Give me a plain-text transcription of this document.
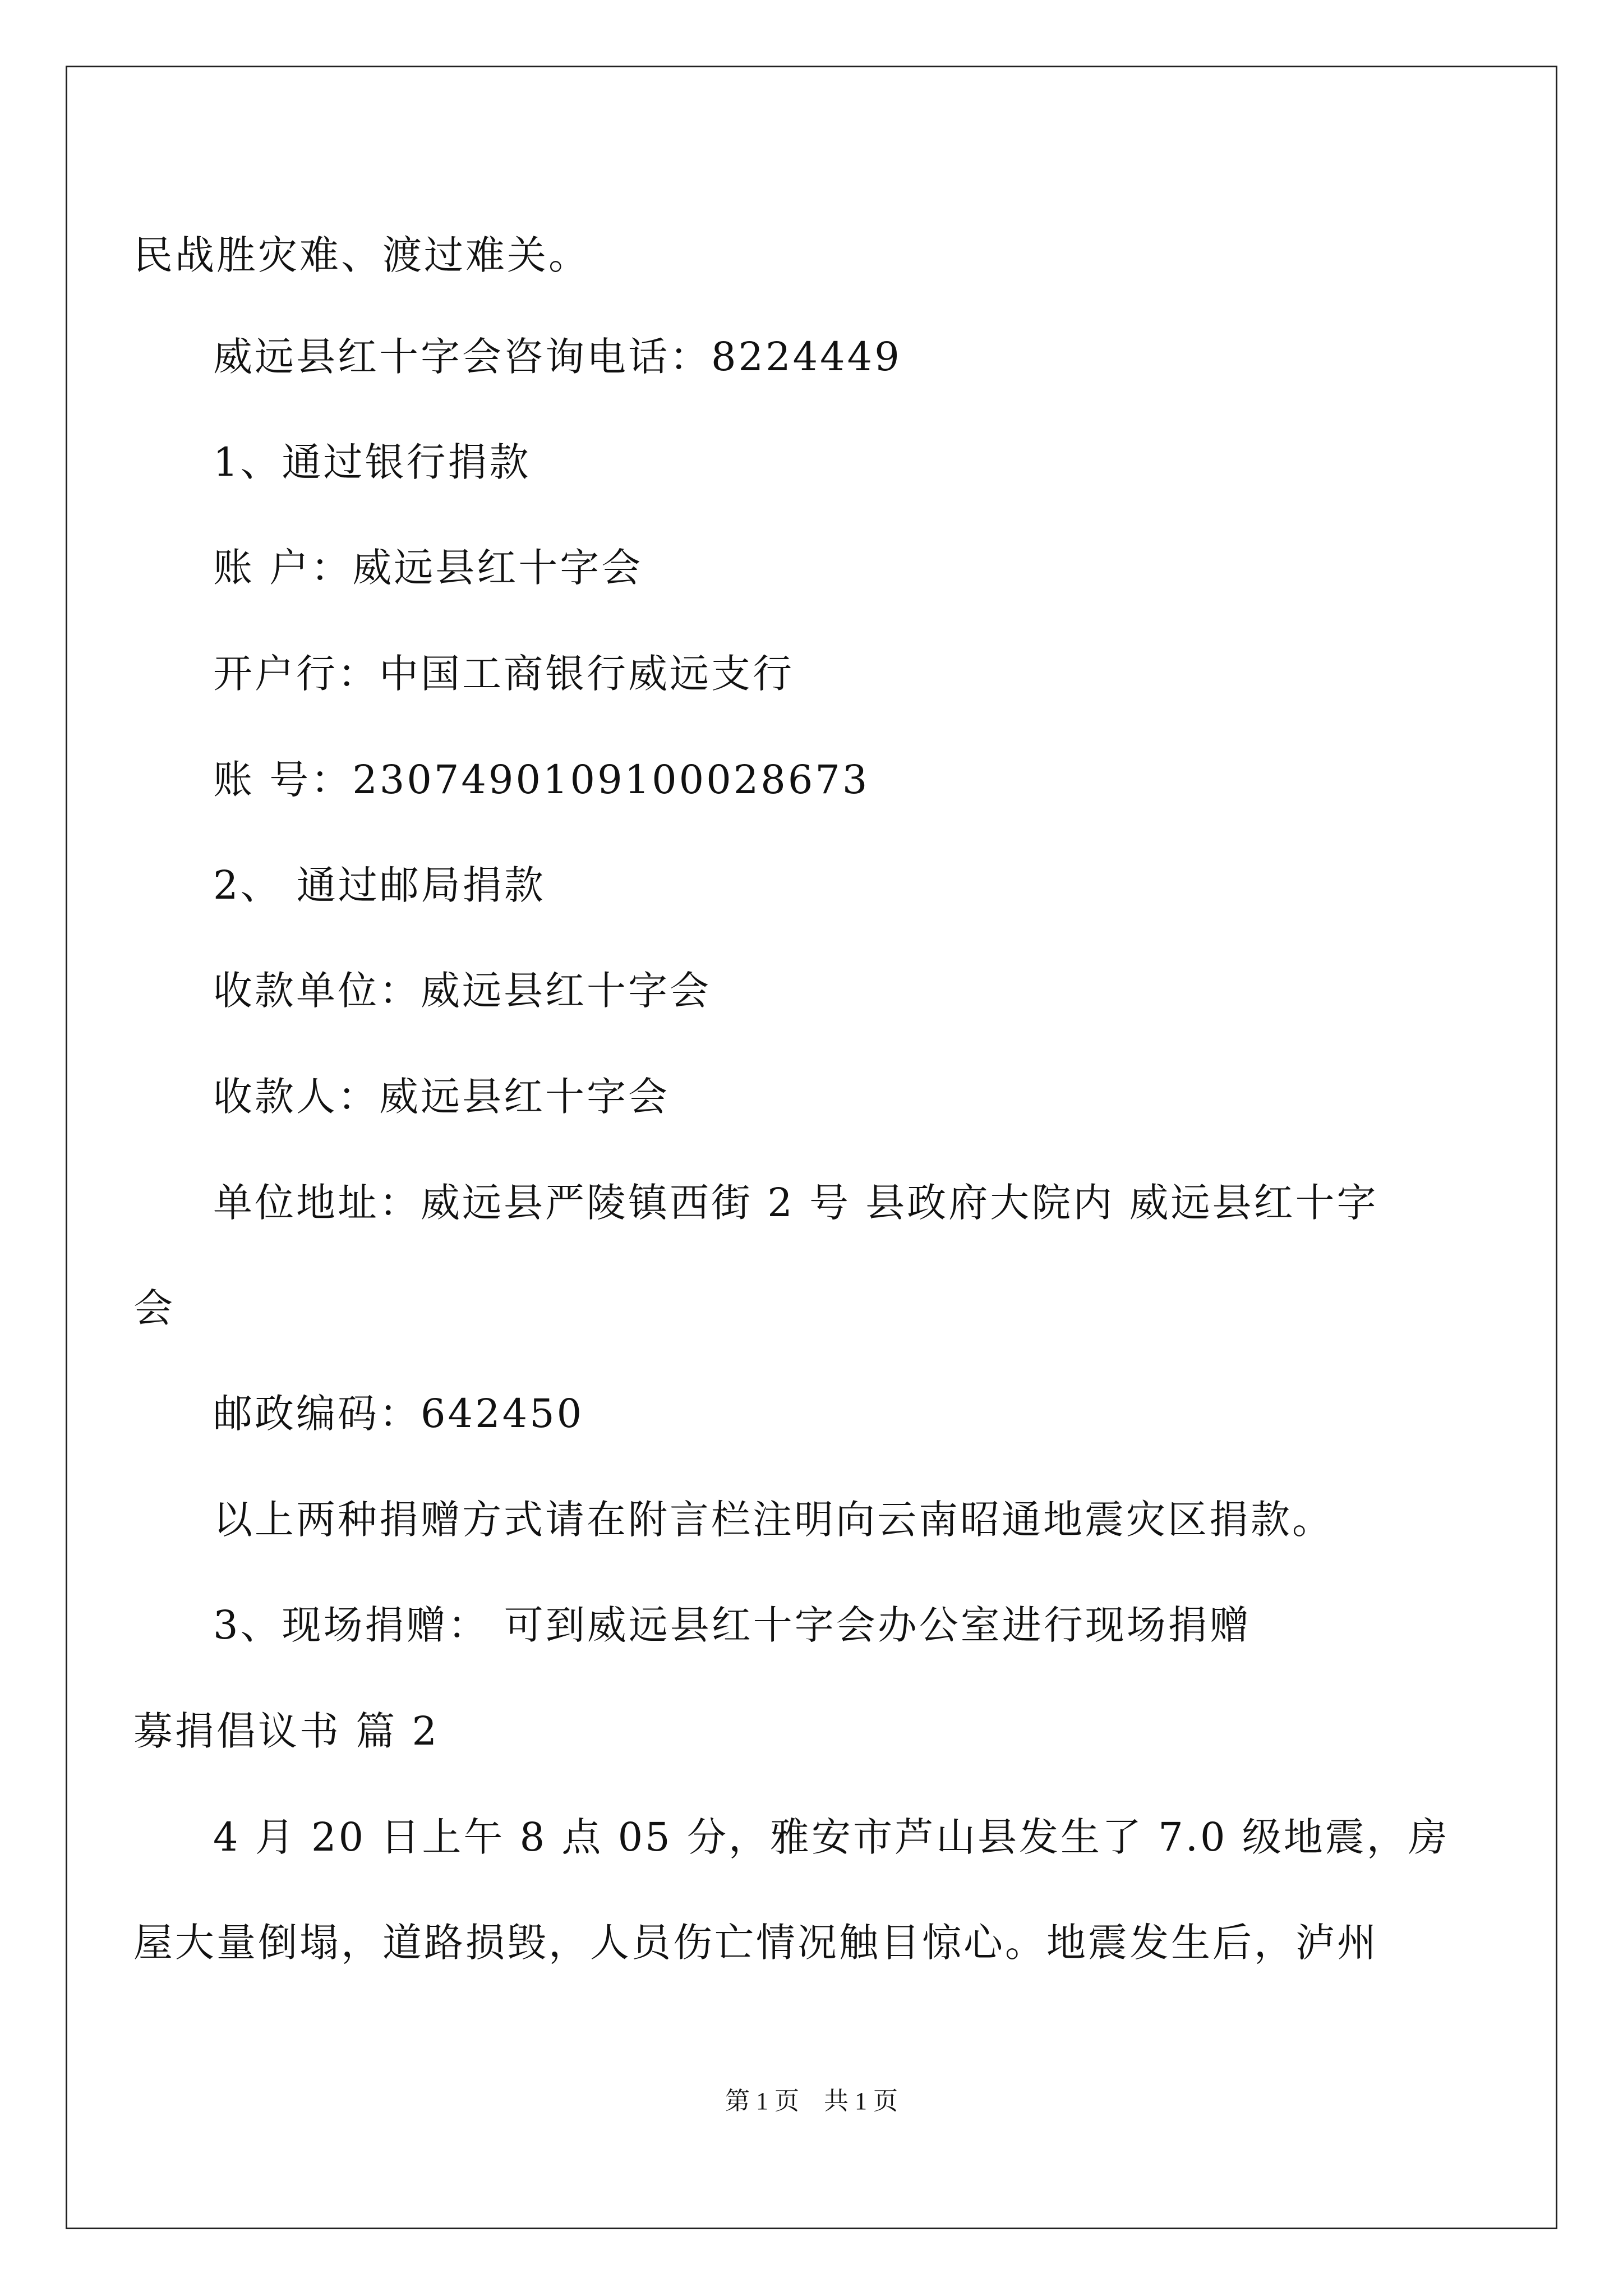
民战胜灾难、渡过难关。
威远县红十字会咨询电话：8224449
1、通过银行捐款
账 户：威远县红十字会
开户行：中国工商银行威远支行
账 号：2307490109100028673
2、 通过邮局捐款
收款单位：威远县红十字会
收款人：威远县红十字会
单位地址：威远县严陵镇西街 2 号 县政府大院内 威远县红十字
会
邮政编码：642450
以上两种捐赠方式请在附言栏注明向云南昭通地震灾区捐款。
3、现场捐赠： 可到威远县红十字会办公室进行现场捐赠
募捐倡议书 篇 2
4 月 20 日上午 8 点 05 分，雅安市芦山县发生了 7.0 级地震，房
屋大量倒塌，道路损毁，人员伤亡情况触目惊心。地震发生后，泸州
第 1 页　共 1 页
